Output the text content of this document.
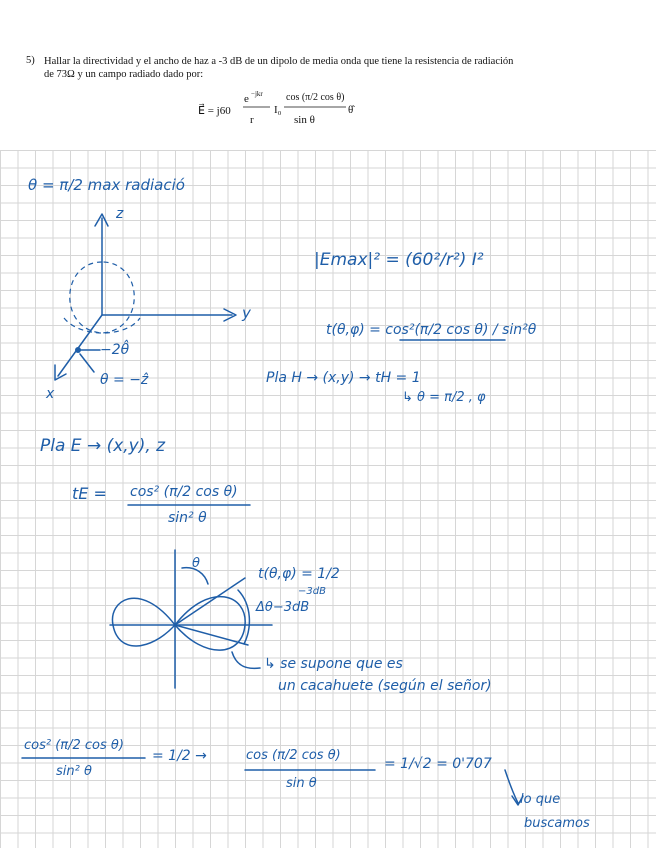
5) Hallar la directividad y el ancho de haz a -3 dB de un dipolo de media onda que tiene la resistencia de radiación de 73Ω y un campo radiado dado por:
E⃗ = j60
e −jkr
r
I₀
cos (π/2 cos θ)
sin θ
θ̂
θ = π/2 max radiació
z
y
x
−2θ̂
θ = −ẑ
|Emax|² = (60²/r²) I²
t(θ,φ) = cos²(π/2 cos θ) / sin²θ
Pla H → (x,y) → tH = 1
↳ θ = π/2 , φ
Pla E → (x,y), z
tE = cos² (π/2 cos θ)
sin² θ
θ
t(θ,φ) = 1/2
−3dB
Δθ−3dB
↳ se supone que es
un cacahuete (según el señor)
cos² (π/2 cos θ)
sin² θ
= 1/2 →	cos (π/2 cos θ)
sin θ
= 1/√2 = 0'707
lo que
buscamos
